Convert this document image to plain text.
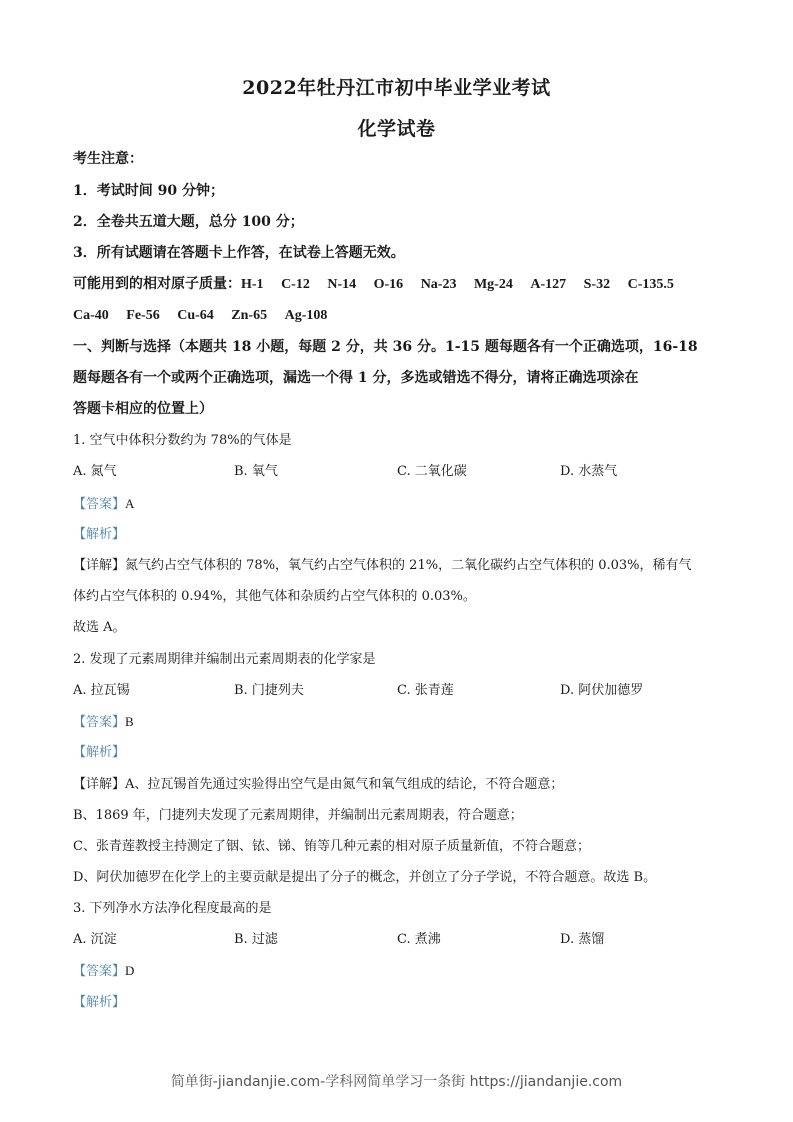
2022年牡丹江市初中毕业学业考试
化学试卷
考生注意：
1．考试时间 90 分钟；
2．全卷共五道大题，总分 100 分；
3．所有试题请在答题卡上作答，在试卷上答题无效。
可能用到的相对原子质量：H-1 C-12 N-14 O-16 Na-23 Mg-24 A-127 S-32 C-135.5
Ca-40 Fe-56 Cu-64 Zn-65 Ag-108
一、判断与选择（本题共 18 小题，每题 2 分，共 36 分。1-15 题每题各有一个正确选项，16-18
题每题各有一个或两个正确选项，漏选一个得 1 分，多选或错选不得分，请将正确选项涂在
答题卡相应的位置上）
1. 空气中体积分数约为 78%的气体是
A. 氮气	B. 氧气	C. 二氧化碳	D. 水蒸气
【答案】A
【解析】
【详解】氮气约占空气体积的 78%，氧气约占空气体积的 21%，二氧化碳约占空气体积的 0.03%，稀有气
体约占空气体积的 0.94%，其他气体和杂质约占空气体积的 0.03%。
故选 A。
2. 发现了元素周期律并编制出元素周期表的化学家是
A. 拉瓦锡	B. 门捷列夫	C. 张青莲	D. 阿伏加德罗
【答案】B
【解析】
【详解】A、拉瓦锡首先通过实验得出空气是由氮气和氧气组成的结论，不符合题意；
B、1869 年，门捷列夫发现了元素周期律，并编制出元素周期表，符合题意；
C、张青莲教授主持测定了铟、铱、锑、铕等几种元素的相对原子质量新值，不符合题意；
D、阿伏加德罗在化学上的主要贡献是提出了分子的概念，并创立了分子学说，不符合题意。故选 B。
3. 下列净水方法净化程度最高的是
A. 沉淀	B. 过滤	C. 煮沸	D. 蒸馏
【答案】D
【解析】
简单街-jiandanjie.com-学科网简单学习一条街 https://jiandanjie.com
